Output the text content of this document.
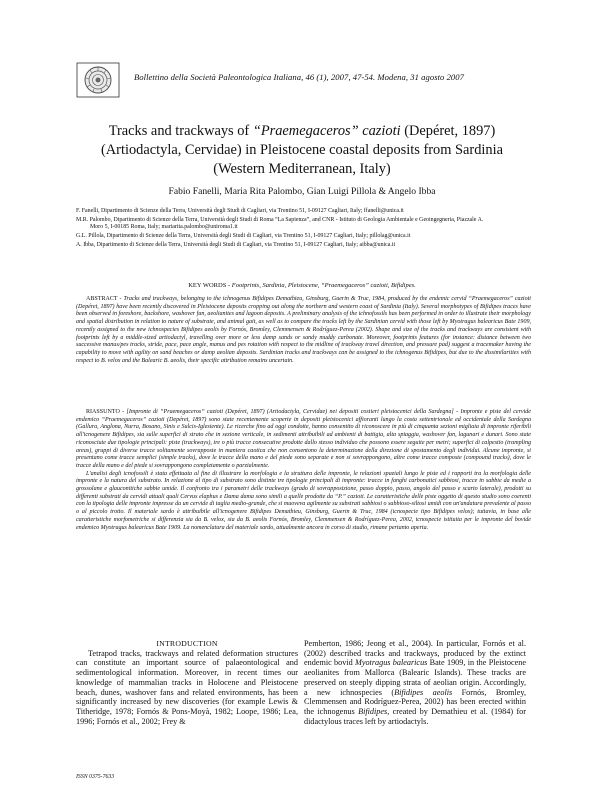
Bollettino della Società Paleontologica Italiana, 46 (1), 2007, 47-54. Modena, 31 agosto 2007

Tracks and trackways of “Praemegaceros” cazioti (Depéret, 1897)

(Artiodactyla, Cervidae) in Pleistocene coastal deposits from Sardinia

(Western Mediterranean, Italy)

Fabio Fanelli, Maria Rita Palombo, Gian Luigi Pillola & Angelo Ibba

F. Fanelli, Dipartimento di Scienze della Terra, Università degli Studi di Cagliari, via Trentino 51, I-09127 Cagliari, Italy; ffanelli@unica.it

M.R. Palombo, Dipartimento di Scienze della Terra, Università degli Studi di Roma “La Sapienza”, and CNR - Istituto di Geologia Ambientale e Geoingegneria, Piazzale A.
Moro 5, I-00185 Roma, Italy; mariarita.palombo@uniroma1.it

G.L. Pillola, Dipartimento di Scienze della Terra, Università degli Studi di Cagliari, via Trentino 51, I-09127 Cagliari, Italy; pillolag@unica.it

A. Ibba, Dipartimento di Scienze della Terra, Università degli Studi di Cagliari, via Trentino 51, I-09127 Cagliari, Italy; aibba@unica.it

KEY WORDS - Footprints, Sardinia, Pleistocene, “Praemegaceros” cazioti, Bifidipes.

ABSTRACT - Tracks and trackways, belonging to the ichnogenus Bifidipes Demathieu, Ginsburg, Guerin & Truc, 1984, produced by the endemic cervid “Praemegaceros” cazioti (Depéret, 1897) have been recently discovered in Pleistocene deposits cropping out along the northern and western coast of Sardinia (Italy). Several morphotypes of Bifidipes traces have been observed in foreshore, backshore, washover fan, aeolianites and lagoon deposits. A preliminary analysis of the ichnofossils has been performed in order to illustrate their morphology and spatial distribution in relation to nature of substrate, and animal gait, as well as to compare the tracks left by the Sardinian cervid with those left by Myotragus balearicus Bate 1909, recently assigned to the new ichnospecies Bifidipes aeolis by Fornós, Bromley, Clemmensen & Rodríguez-Perea (2002). Shape and size of the tracks and trackways are consistent with footprints left by a middle-sized artiodactyl, travelling over more or less damp sands or sandy muddy carbonate. Moreover, footprints features (for instance: distance between two successive manus/pes tracks, stride, pace, pace angle, manus and pes rotation with respect to the midline of trackway travel direction, and pressure pad) suggest a tracemaker having the capability to move with agility on sand beaches or damp aeolian deposits. Sardinian tracks and trackways can be assigned to the ichnogenus Bifidipes, but due to the dissimilarities with respect to B. velox and the Balearic B. aeolis, their specific attribution remains uncertain.

RIASSUNTO - [Impronte di “Praemegaceros” cazioti (Depéret, 1897) (Artiodactyla, Cervidae) nei depositi costieri pleistocenici della Sardegna] - Impronte e piste del cervide endemico “Praemegaceros” cazioti (Depéret, 1897) sono state recentemente scoperte in depositi pleistocenici affioranti lungo la costa settentrionale ed occidentale della Sardegna (Gallura, Anglona, Nurra, Bosano, Sinis e Sulcis-Iglesiente). Le ricerche fino ad oggi condotte, hanno consentito di riconoscere in più di cinquanta sezioni migliaia di impronte riferibili all'icnogenere Bifidipes, sia sulle superfici di strato che in sezione verticale, in sedimenti attribuibili ad ambienti di battigia, alta spiaggia, washover fan, lagunari e dunari. Sono state riconosciute due tipologie principali: piste (trackways), tre o più tracce consecutive prodotte dallo stesso individuo che possono essere seguite per metri; superfici di calpestio (trampling areas), gruppi di diverse tracce solitamente sovrapposte in maniera caotica che non consentono la determinazione della direzione di spostamento degli individui. Alcune impronte, si presentano come tracce semplici (simple tracks), dove le tracce della mano e del piede sono separate e non si sovrappongono, altre come tracce composte (compound tracks), dove le tracce della mano e del piede si sovrappongono completamente o parzialmente.

L'analisi degli icnofossili è stata effettuata al fine di illustrare la morfologia e la struttura delle impronte, le relazioni spaziali lungo le piste ed i rapporti tra la morfologia delle impronte e la natura del substrato. In relazione al tipo di substrato sono distinte tre tipologie principali di impronte: tracce in fanghi carbonatici sabbiosi, tracce in sabbie da medie a grossolane e glauconitiche sabbie umide. Il confronto tra i parametri delle trackways (grado di sovrapposizione, passo doppio, passo, angolo del passo e scarto laterale), prodotti su differenti substrati da cervidi attuali quali Cervus elaphus e Dama dama sono simili a quelle prodotte da “P.” cazioti. Le caratteristiche delle piste oggetto di questo studio sono coerenti con la tipologia delle impronte impresse da un cervide di taglia medio-grande, che si muoveva agilmente su substrati sabbiosi o sabbioso-siltosi umidi con un'andatura prevalente al passo o al piccolo trotto. Il materiale sardo è attribuibile all'icnogenere Bifidipes Demathieu, Ginsburg, Guerin & Truc, 1984 (icnospecie tipo Bifidipes velox); tuttavia, in base alle caratteristiche morfometriche si differenzia sia da B. velox, sia da B. aeolis Fornós, Bromley, Clemmensen & Rodríguez-Perea, 2002, icnospecie istituita per le impronte del bovide endemico Myotragus balearicus Bate 1909. La nomenclatura del materiale sardo, attualmente ancora in corso di studio, rimane pertanto aperta.

INTRODUCTION

Tetrapod tracks, trackways and related deformation structures can constitute an important source of palaeontological and sedimentological information. Moreover, in recent times our knowledge of mammalian tracks in Holocene and Pleistocene beach, dunes, washover fans and related environments, has been significantly increased by new discoveries (for example Lewis & Titheridge, 1978; Fornós & Pons-Moyà, 1982; Loope, 1986; Lea, 1996; Fornós et al., 2002; Frey &

Pemberton, 1986; Jeong et al., 2004). In particular, Fornós et al. (2002) described tracks and trackways, produced by the extinct endemic bovid Myotragus balearicus Bate 1909, in the Pleistocene aeolianites from Mallorca (Balearic Islands). These tracks are preserved on steeply dipping strata of aeolian origin. Accordingly, a new ichnospecies (Bifidipes aeolis Fornós, Bromley, Clemmensen and Rodríguez-Perea, 2002) has been erected within the ichnogenus Bifidipes, created by Demathieu et al. (1984) for didactylous traces left by artiodactyls.

ISSN 0375-7633
